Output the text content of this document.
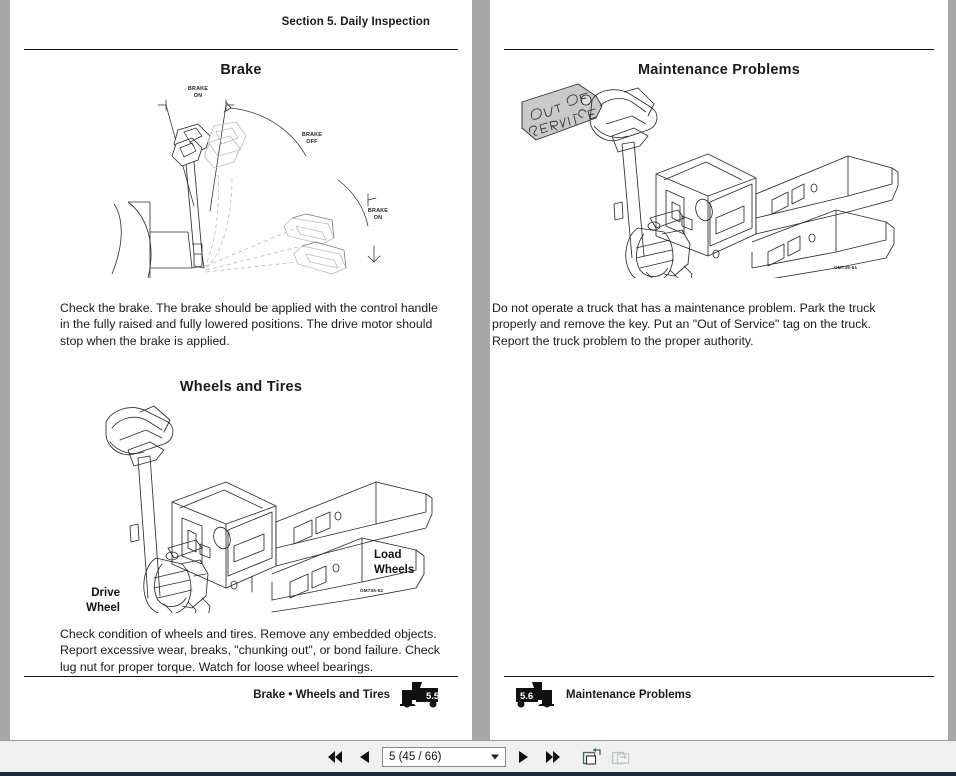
Section 5. Daily Inspection
Brake
BRAKE
ON
BRAKE
OFF
BRAKE
ON
Check the brake. The brake should be applied with the control handle in the fully raised and fully lowered positions. The drive motor should stop when the brake is applied.
Wheels and Tires
OM735-52
Drive
Wheel
Load
Wheels
Check condition of wheels and tires. Remove any embedded objects. Report excessive wear, breaks, "chunking out", or bond failure. Check lug nut for proper torque. Watch for loose wheel bearings.
Brake • Wheels and Tires	5.5
Maintenance Problems
OM735-51
Do not operate a truck that has a maintenance problem. Park the truck properly and remove the key. Put an "Out of Service" tag on the truck. Report the truck problem to the proper authority.
5.6	Maintenance Problems
5 (45 / 66)
